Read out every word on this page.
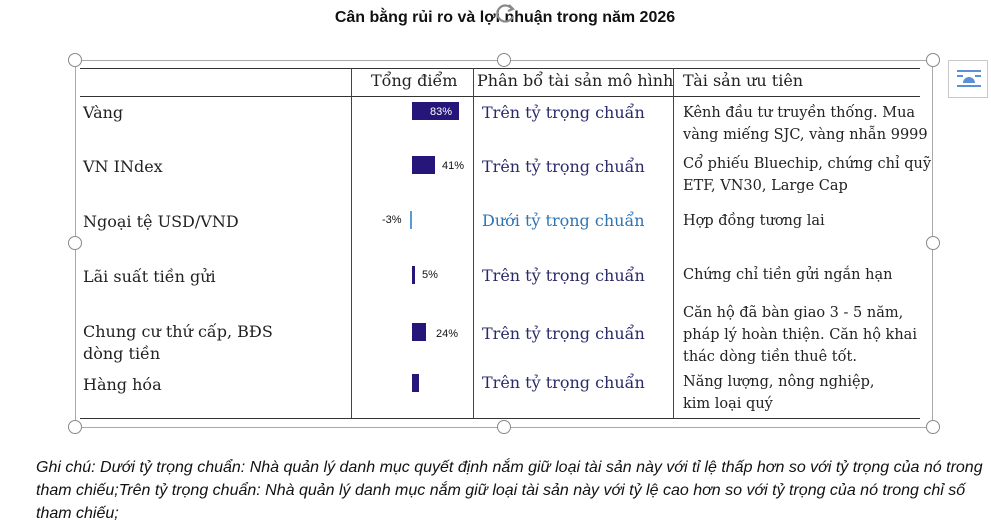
Cân bằng rủi ro và lợi nhuận trong năm 2026
Tổng điểm Phân bổ tài sản mô hình Tài sản ưu tiên
Vàng
VN INdex
Ngoại tệ USD/VND
Lãi suất tiền gửi
Chung cư thứ cấp, BĐS
dòng tiền
Hàng hóa
83%
41%
-3%
5%
24%
Trên tỷ trọng chuẩn
Trên tỷ trọng chuẩn
Dưới tỷ trọng chuẩn
Trên tỷ trọng chuẩn
Trên tỷ trọng chuẩn
Trên tỷ trọng chuẩn
Kênh đầu tư truyền thống. Mua
vàng miếng SJC, vàng nhẫn 9999
Cổ phiếu Bluechip, chứng chỉ quỹ
ETF, VN30, Large Cap
Hợp đồng tương lai
Chứng chỉ tiền gửi ngắn hạn
Căn hộ đã bàn giao 3 - 5 năm,
pháp lý hoàn thiện. Căn hộ khai
thác dòng tiền thuê tốt.
Năng lượng, nông nghiệp,
kim loại quý
Ghi chú: Dưới tỷ trọng chuẩn: Nhà quản lý danh mục quyết định nắm giữ loại tài sản này với tỉ lệ thấp hơn so với tỷ trọng của nó trong tham chiếu;Trên tỷ trọng chuẩn: Nhà quản lý danh mục nắm giữ loại tài sản này với tỷ lệ cao hơn so với tỷ trọng của nó trong chỉ số tham chiếu;
